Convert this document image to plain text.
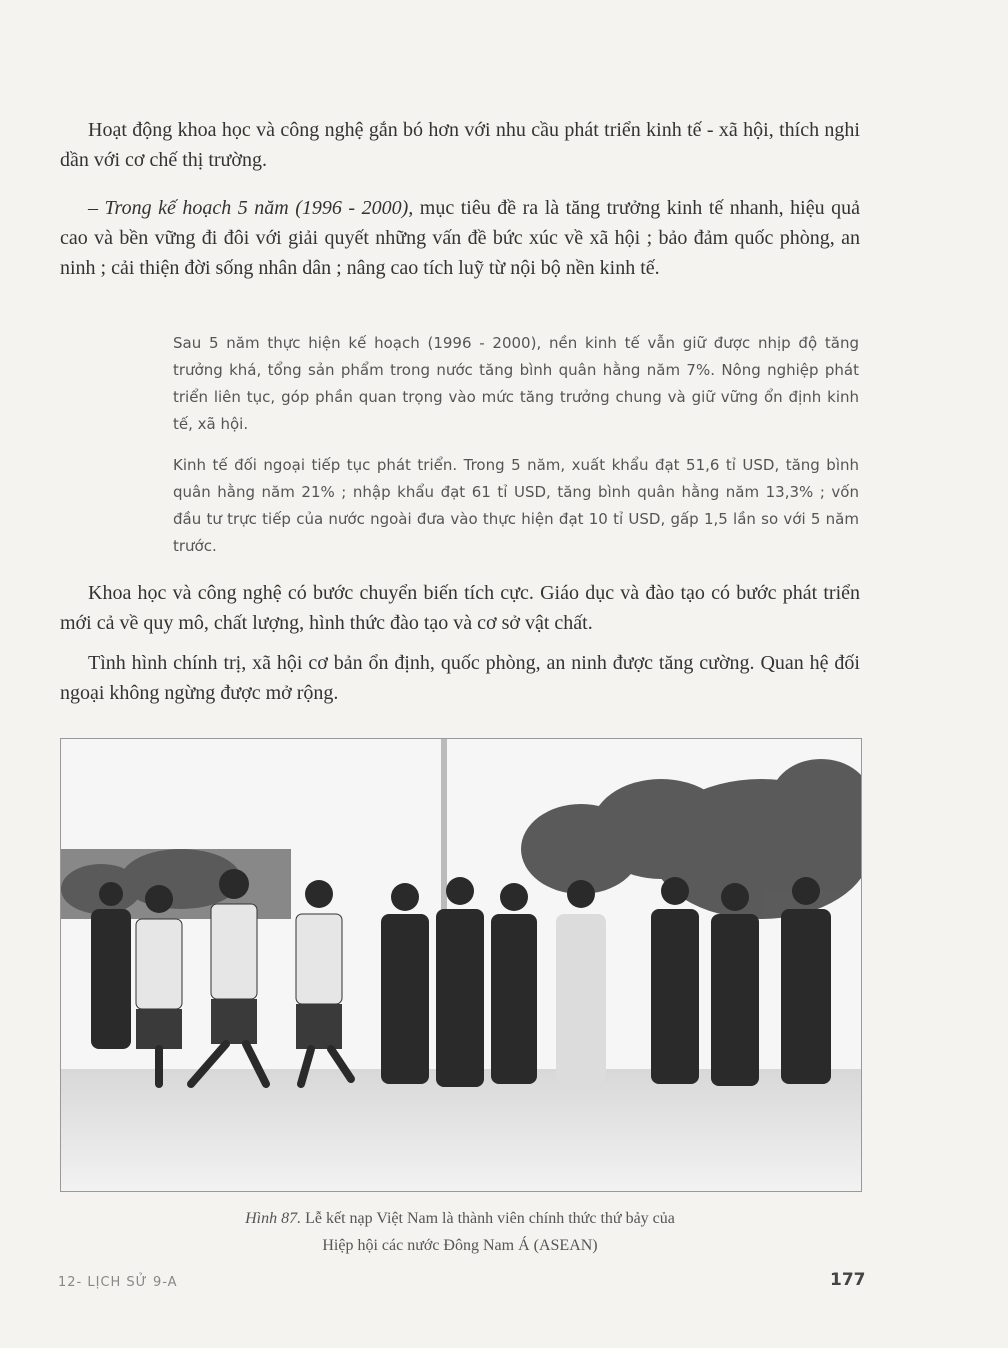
Hoạt động khoa học và công nghệ gắn bó hơn với nhu cầu phát triển kinh tế - xã hội, thích nghi dần với cơ chế thị trường.

– Trong kế hoạch 5 năm (1996 - 2000), mục tiêu đề ra là tăng trưởng kinh tế nhanh, hiệu quả cao và bền vững đi đôi với giải quyết những vấn đề bức xúc về xã hội ; bảo đảm quốc phòng, an ninh ; cải thiện đời sống nhân dân ; nâng cao tích luỹ từ nội bộ nền kinh tế.

Sau 5 năm thực hiện kế hoạch (1996 - 2000), nền kinh tế vẫn giữ được nhịp độ tăng trưởng khá, tổng sản phẩm trong nước tăng bình quân hằng năm 7%. Nông nghiệp phát triển liên tục, góp phần quan trọng vào mức tăng trưởng chung và giữ vững ổn định kinh tế, xã hội.

Kinh tế đối ngoại tiếp tục phát triển. Trong 5 năm, xuất khẩu đạt 51,6 tỉ USD, tăng bình quân hằng năm 21% ; nhập khẩu đạt 61 tỉ USD, tăng bình quân hằng năm 13,3% ; vốn đầu tư trực tiếp của nước ngoài đưa vào thực hiện đạt 10 tỉ USD, gấp 1,5 lần so với 5 năm trước.

Khoa học và công nghệ có bước chuyển biến tích cực. Giáo dục và đào tạo có bước phát triển mới cả về quy mô, chất lượng, hình thức đào tạo và cơ sở vật chất.

Tình hình chính trị, xã hội cơ bản ổn định, quốc phòng, an ninh được tăng cường. Quan hệ đối ngoại không ngừng được mở rộng.

Hình 87. Lễ kết nạp Việt Nam là thành viên chính thức thứ bảy của
Hiệp hội các nước Đông Nam Á (ASEAN)
12- LỊCH SỬ 9-A	177
